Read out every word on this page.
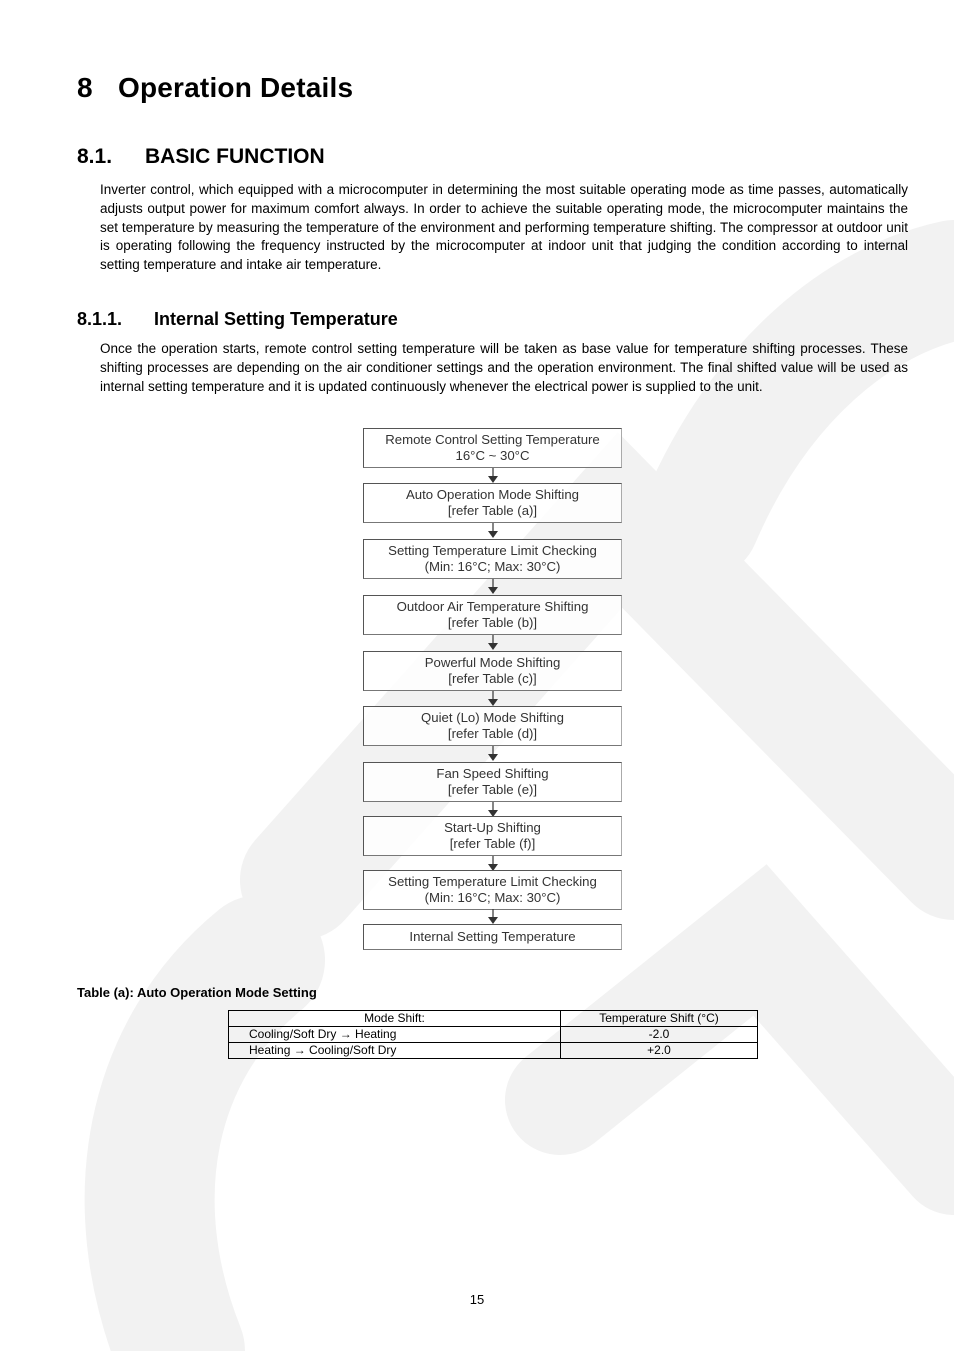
8 Operation Details
8.1. BASIC FUNCTION

Inverter control, which equipped with a microcomputer in determining the most suitable operating mode as time passes, automatically adjusts output power for maximum comfort always. In order to achieve the suitable operating mode, the microcomputer maintains the set temperature by measuring the temperature of the environment and performing temperature shifting. The compressor at outdoor unit is operating following the frequency instructed by the microcomputer at indoor unit that judging the condition according to internal setting temperature and intake air temperature.

8.1.1. Internal Setting Temperature

Once the operation starts, remote control setting temperature will be taken as base value for temperature shifting processes. These shifting processes are depending on the air conditioner settings and the operation environment. The final shifted value will be used as internal setting temperature and it is updated continuously whenever the electrical power is supplied to the unit.

Remote Control Setting Temperature
16°C ~ 30°C
Auto Operation Mode Shifting
[refer Table (a)]
Setting Temperature Limit Checking
(Min: 16°C; Max: 30°C)
Outdoor Air Temperature Shifting
[refer Table (b)]
Powerful Mode Shifting
[refer Table (c)]
Quiet (Lo) Mode Shifting
[refer Table (d)]
Fan Speed Shifting
[refer Table (e)]
Start-Up Shifting
[refer Table (f)]
Setting Temperature Limit Checking
(Min: 16°C; Max: 30°C)
Internal Setting Temperature

Table (a): Auto Operation Mode Setting

Mode Shift:	Temperature Shift (°C)
Cooling/Soft Dry → Heating	-2.0
Heating → Cooling/Soft Dry	+2.0

15
